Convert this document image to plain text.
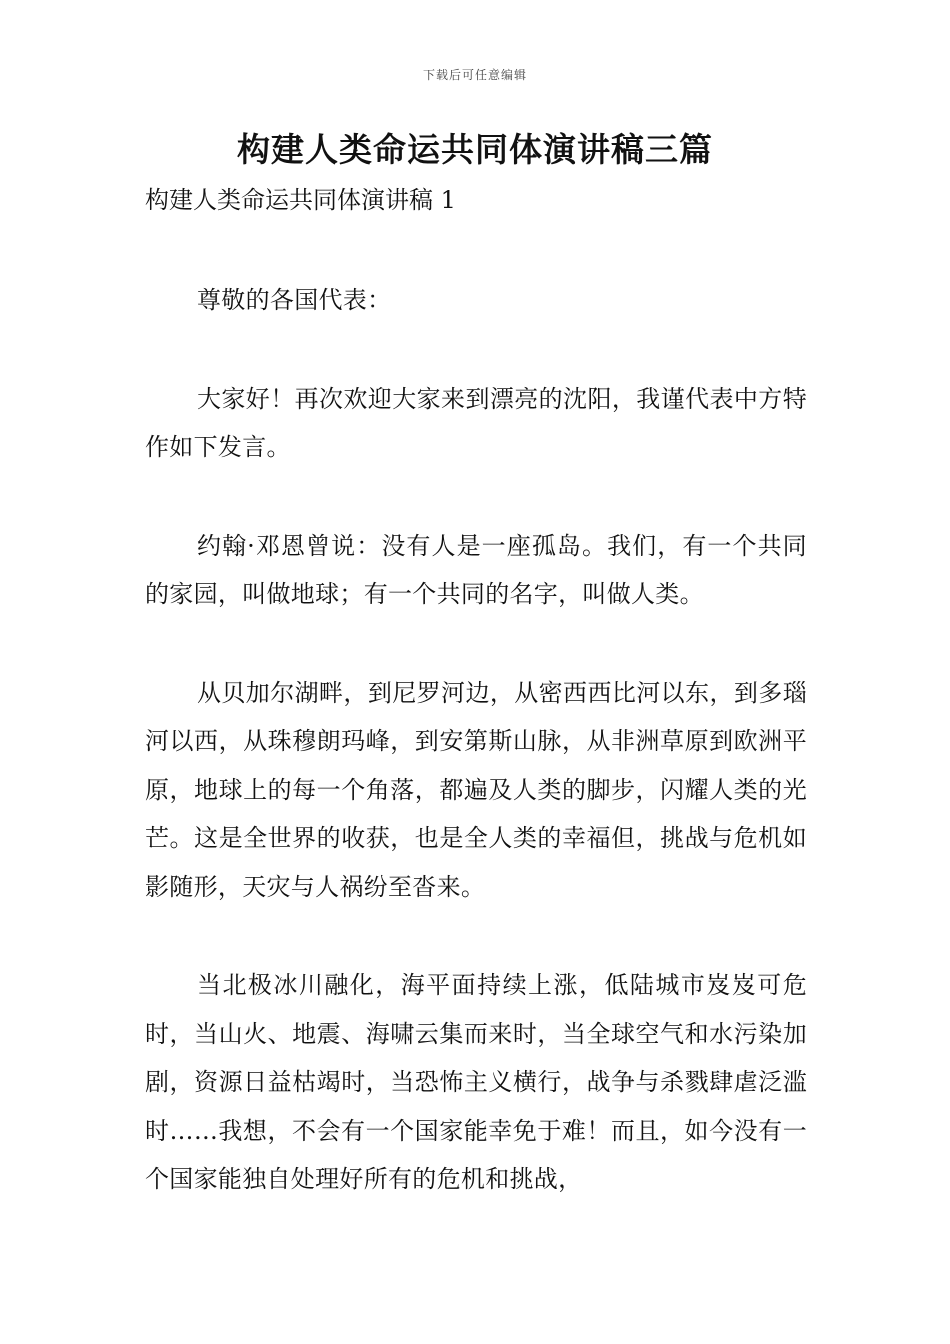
下载后可任意编辑
构建人类命运共同体演讲稿三篇

构建人类命运共同体演讲稿 1

尊敬的各国代表：

大家好！再次欢迎大家来到漂亮的沈阳，我谨代表中方特作如下发言。

约翰·邓恩曾说：没有人是一座孤岛。我们，有一个共同的家园，叫做地球；有一个共同的名字，叫做人类。

从贝加尔湖畔，到尼罗河边，从密西西比河以东，到多瑙河以西，从珠穆朗玛峰，到安第斯山脉，从非洲草原到欧洲平原，地球上的每一个角落，都遍及人类的脚步，闪耀人类的光芒。这是全世界的收获，也是全人类的幸福但，挑战与危机如影随形，天灾与人祸纷至沓来。

当北极冰川融化，海平面持续上涨，低陆城市岌岌可危时，当山火、地震、海啸云集而来时，当全球空气和水污染加剧，资源日益枯竭时，当恐怖主义横行，战争与杀戮肆虐泛滥时……我想，不会有一个国家能幸免于难！而且，如今没有一个国家能独自处理好所有的危机和挑战，
